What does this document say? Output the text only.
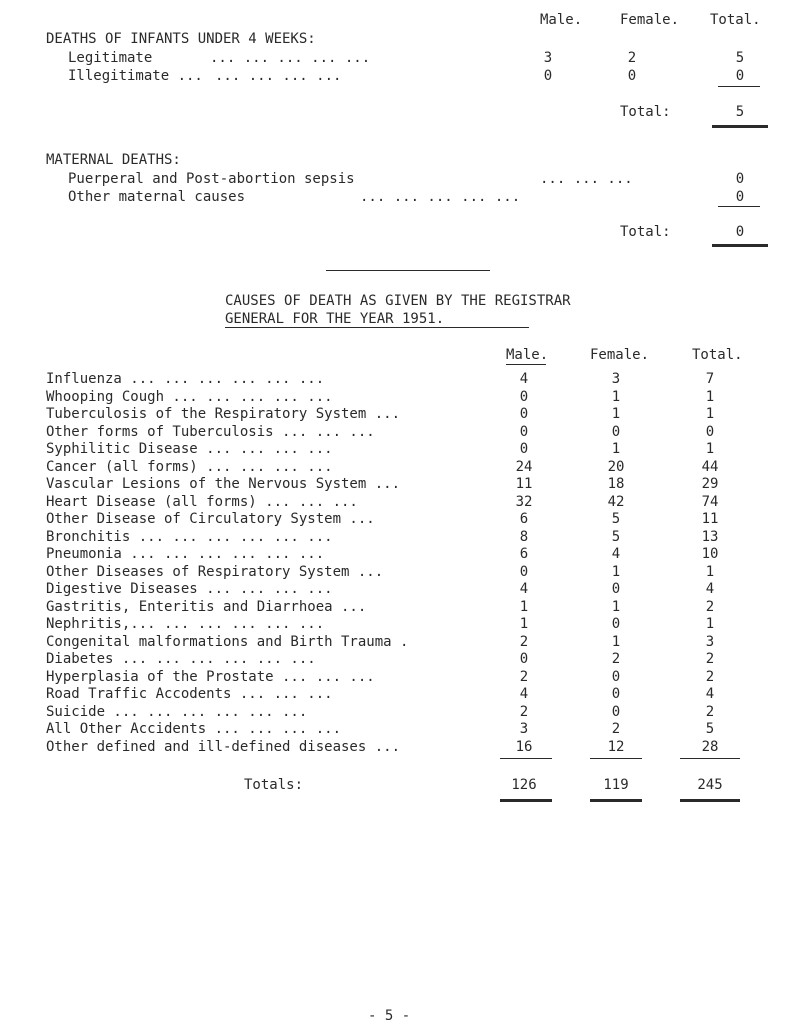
Male.	Female. Total.
DEATHS OF INFANTS UNDER 4 WEEKS:
Legitimate	... ... ... ... ...	3	2	5
Illegitimate ... ... ... ... ...	0	0	0
Total:	5
MATERNAL DEATHS:
Puerperal and Post-abortion sepsis	... ... ...	0
Other maternal causes	... ... ... ... ...	0
Total:	0
CAUSES OF DEATH AS GIVEN BY THE REGISTRAR
GENERAL FOR THE YEAR 1951.
Male.	Female.	Total.
Influenza ... ... ... ... ... ...	4	3	7
Whooping Cough ... ... ... ... ...	0	1	1
Tuberculosis of the Respiratory System ...	0	1	1
Other forms of Tuberculosis ... ... ...	0	0	0
Syphilitic Disease ... ... ... ...	0	1	1
Cancer (all forms) ... ... ... ...	24	20	44
Vascular Lesions of the Nervous System ...	11	18	29
Heart Disease (all forms) ... ... ...	32	42	74
Other Disease of Circulatory System ...	6	5	11
Bronchitis ... ... ... ... ... ...	8	5	13
Pneumonia ... ... ... ... ... ...	6	4	10
Other Diseases of Respiratory System ...	0	1	1
Digestive Diseases ... ... ... ...	4	0	4
Gastritis, Enteritis and Diarrhoea ...	1	1	2
Nephritis,... ... ... ... ... ...	1	0	1
Congenital malformations and Birth Trauma .	2	1	3
Diabetes ... ... ... ... ... ...	0	2	2
Hyperplasia of the Prostate ... ... ...	2	0	2
Road Traffic Accodents ... ... ...	4	0	4
Suicide ... ... ... ... ... ...	2	0	2
All Other Accidents ... ... ... ...	3	2	5
Other defined and ill-defined diseases ...	16	12	28
Totals:	126	119	245
- 5 -
